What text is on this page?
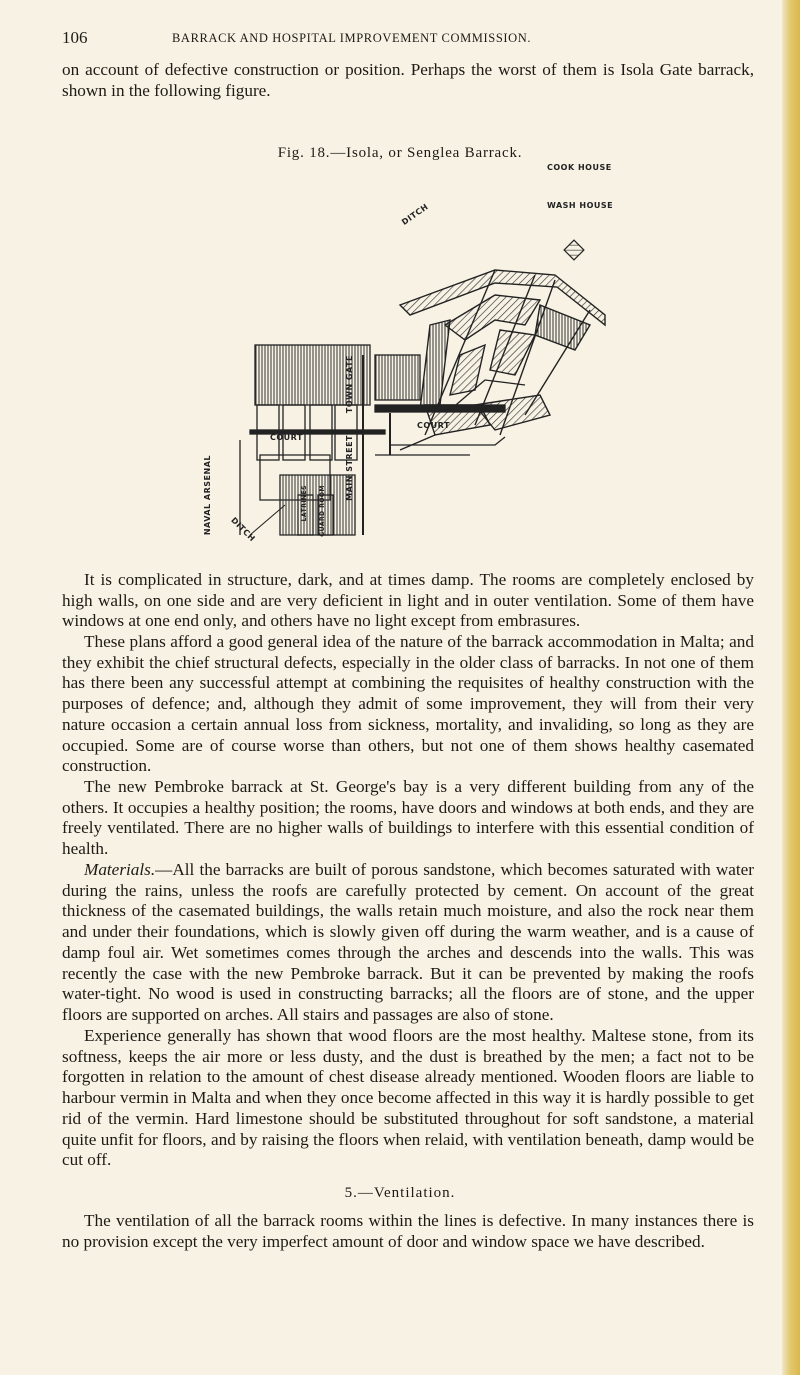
106	BARRACK AND HOSPITAL IMPROVEMENT COMMISSION.

on account of defective construction or position. Perhaps the worst of them is Isola Gate barrack, shown in the following figure.

Fig. 18.—Isola, or Senglea Barrack.
COOK HOUSE
WASH HOUSE
DITCH
DITCH
NAVAL ARSENAL	MAIN STREET
TOWN GATE
COURT
COURT
LATRINES GUARD ROOM

It is complicated in structure, dark, and at times damp. The rooms are completely enclosed by high walls, on one side and are very deficient in light and in outer ventilation. Some of them have windows at one end only, and others have no light except from embrasures.

These plans afford a good general idea of the nature of the barrack accommodation in Malta; and they exhibit the chief structural defects, especially in the older class of barracks. In not one of them has there been any successful attempt at combining the requisites of healthy construction with the purposes of defence; and, although they admit of some improvement, they will from their very nature occasion a certain annual loss from sickness, mortality, and invaliding, so long as they are occupied. Some are of course worse than others, but not one of them shows healthy casemated construction.

The new Pembroke barrack at St. George's bay is a very different building from any of the others. It occupies a healthy position; the rooms, have doors and windows at both ends, and they are freely ventilated. There are no higher walls of buildings to interfere with this essential condition of health.

Materials.—All the barracks are built of porous sandstone, which becomes saturated with water during the rains, unless the roofs are carefully protected by cement. On account of the great thickness of the casemated buildings, the walls retain much moisture, and also the rock near them and under their foundations, which is slowly given off during the warm weather, and is a cause of damp foul air. Wet sometimes comes through the arches and descends into the walls. This was recently the case with the new Pembroke barrack. But it can be prevented by making the roofs water-tight. No wood is used in constructing barracks; all the floors are of stone, and the upper floors are supported on arches. All stairs and passages are also of stone.

5.—Ventilation.

The ventilation of all the barrack rooms within the lines is defective. In many instances there is no provision except the very imperfect amount of door and window space we have described.

Experience generally has shown that wood floors are the most healthy. Maltese stone, from its softness, keeps the air more or less dusty, and the dust is breathed by the men; a fact not to be forgotten in relation to the amount of chest disease already mentioned. Wooden floors are liable to harbour vermin in Malta and when they once become affected in this way it is hardly possible to get rid of the vermin. Hard limestone should be substituted throughout for soft sandstone, a material quite unfit for floors, and by raising the floors when relaid, with ventilation beneath, damp would be cut off.
